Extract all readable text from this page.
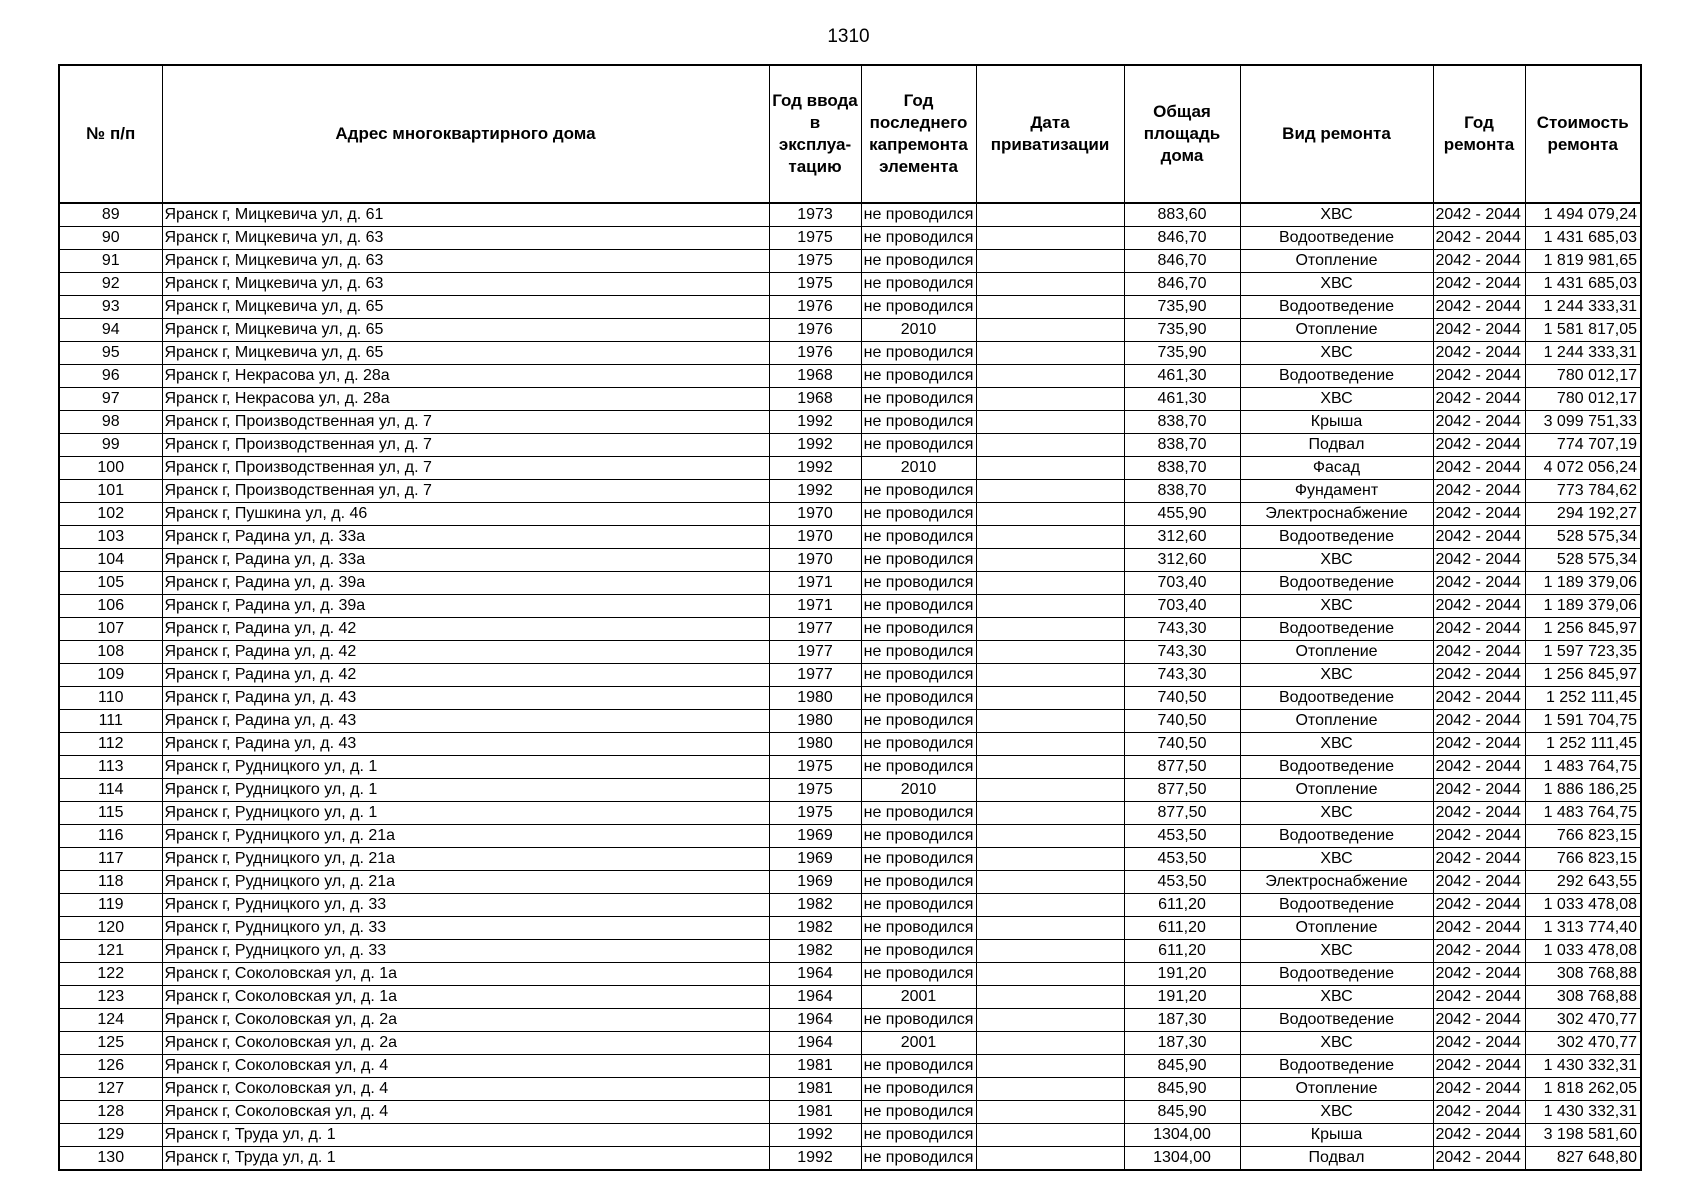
1310
№ п/п	Адрес многоквартирного дома	Год ввода в эксплуа-тацию	Год последнего капремонта элемента	Дата приватизации	Общая площадь дома	Вид ремонта	Год ремонта	Стоимость ремонта
89	Яранск г, Мицкевича ул, д. 61	1973	не проводился		883,60	ХВС	2042 - 2044	1 494 079,24
90	Яранск г, Мицкевича ул, д. 63	1975	не проводился		846,70	Водоотведение	2042 - 2044	1 431 685,03
91	Яранск г, Мицкевича ул, д. 63	1975	не проводился		846,70	Отопление	2042 - 2044	1 819 981,65
92	Яранск г, Мицкевича ул, д. 63	1975	не проводился		846,70	ХВС	2042 - 2044	1 431 685,03
93	Яранск г, Мицкевича ул, д. 65	1976	не проводился		735,90	Водоотведение	2042 - 2044	1 244 333,31
94	Яранск г, Мицкевича ул, д. 65	1976	2010		735,90	Отопление	2042 - 2044	1 581 817,05
95	Яранск г, Мицкевича ул, д. 65	1976	не проводился		735,90	ХВС	2042 - 2044	1 244 333,31
96	Яранск г, Некрасова ул, д. 28а	1968	не проводился		461,30	Водоотведение	2042 - 2044	780 012,17
97	Яранск г, Некрасова ул, д. 28а	1968	не проводился		461,30	ХВС	2042 - 2044	780 012,17
98	Яранск г, Производственная ул, д. 7	1992	не проводился		838,70	Крыша	2042 - 2044	3 099 751,33
99	Яранск г, Производственная ул, д. 7	1992	не проводился		838,70	Подвал	2042 - 2044	774 707,19
100	Яранск г, Производственная ул, д. 7	1992	2010		838,70	Фасад	2042 - 2044	4 072 056,24
101	Яранск г, Производственная ул, д. 7	1992	не проводился		838,70	Фундамент	2042 - 2044	773 784,62
102	Яранск г, Пушкина ул, д. 46	1970	не проводился		455,90	Электроснабжение	2042 - 2044	294 192,27
103	Яранск г, Радина ул, д. 33а	1970	не проводился		312,60	Водоотведение	2042 - 2044	528 575,34
104	Яранск г, Радина ул, д. 33а	1970	не проводился		312,60	ХВС	2042 - 2044	528 575,34
105	Яранск г, Радина ул, д. 39а	1971	не проводился		703,40	Водоотведение	2042 - 2044	1 189 379,06
106	Яранск г, Радина ул, д. 39а	1971	не проводился		703,40	ХВС	2042 - 2044	1 189 379,06
107	Яранск г, Радина ул, д. 42	1977	не проводился		743,30	Водоотведение	2042 - 2044	1 256 845,97
108	Яранск г, Радина ул, д. 42	1977	не проводился		743,30	Отопление	2042 - 2044	1 597 723,35
109	Яранск г, Радина ул, д. 42	1977	не проводился		743,30	ХВС	2042 - 2044	1 256 845,97
110	Яранск г, Радина ул, д. 43	1980	не проводился		740,50	Водоотведение	2042 - 2044	1 252 111,45
111	Яранск г, Радина ул, д. 43	1980	не проводился		740,50	Отопление	2042 - 2044	1 591 704,75
112	Яранск г, Радина ул, д. 43	1980	не проводился		740,50	ХВС	2042 - 2044	1 252 111,45
113	Яранск г, Рудницкого ул, д. 1	1975	не проводился		877,50	Водоотведение	2042 - 2044	1 483 764,75
114	Яранск г, Рудницкого ул, д. 1	1975	2010		877,50	Отопление	2042 - 2044	1 886 186,25
115	Яранск г, Рудницкого ул, д. 1	1975	не проводился		877,50	ХВС	2042 - 2044	1 483 764,75
116	Яранск г, Рудницкого ул, д. 21а	1969	не проводился		453,50	Водоотведение	2042 - 2044	766 823,15
117	Яранск г, Рудницкого ул, д. 21а	1969	не проводился		453,50	ХВС	2042 - 2044	766 823,15
118	Яранск г, Рудницкого ул, д. 21а	1969	не проводился		453,50	Электроснабжение	2042 - 2044	292 643,55
119	Яранск г, Рудницкого ул, д. 33	1982	не проводился		611,20	Водоотведение	2042 - 2044	1 033 478,08
120	Яранск г, Рудницкого ул, д. 33	1982	не проводился		611,20	Отопление	2042 - 2044	1 313 774,40
121	Яранск г, Рудницкого ул, д. 33	1982	не проводился		611,20	ХВС	2042 - 2044	1 033 478,08
122	Яранск г, Соколовская ул, д. 1а	1964	не проводился		191,20	Водоотведение	2042 - 2044	308 768,88
123	Яранск г, Соколовская ул, д. 1а	1964	2001		191,20	ХВС	2042 - 2044	308 768,88
124	Яранск г, Соколовская ул, д. 2а	1964	не проводился		187,30	Водоотведение	2042 - 2044	302 470,77
125	Яранск г, Соколовская ул, д. 2а	1964	2001		187,30	ХВС	2042 - 2044	302 470,77
126	Яранск г, Соколовская ул, д. 4	1981	не проводился		845,90	Водоотведение	2042 - 2044	1 430 332,31
127	Яранск г, Соколовская ул, д. 4	1981	не проводился		845,90	Отопление	2042 - 2044	1 818 262,05
128	Яранск г, Соколовская ул, д. 4	1981	не проводился		845,90	ХВС	2042 - 2044	1 430 332,31
129	Яранск г, Труда ул, д. 1	1992	не проводился		1304,00	Крыша	2042 - 2044	3 198 581,60
130	Яранск г, Труда ул, д. 1	1992	не проводился		1304,00	Подвал	2042 - 2044	827 648,80
